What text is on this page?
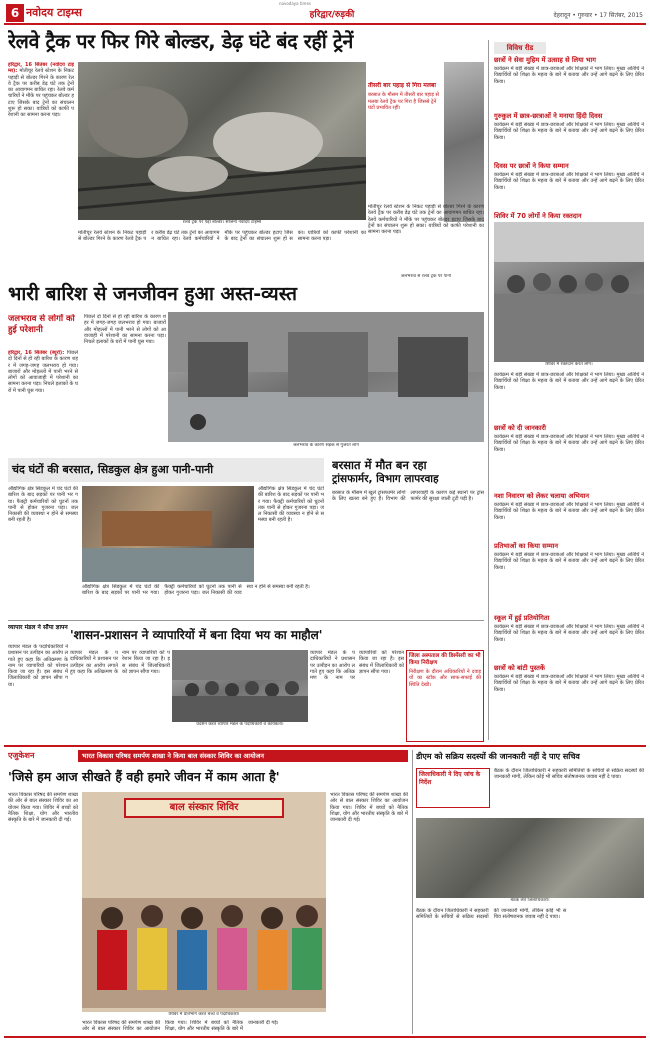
6 नवोदय टाइम्स
navodaya times
हरिद्वार/रुड़की	देहरादून • गुरुवार • 17 सितंबर, 2015
रेलवे ट्रैक पर फिर गिरे बोल्डर, डेढ़ घंटे बंद रहीं ट्रेनें
हरिद्वार, 16 सितंबर (नवोदय टाइम्स): मोतीचूर रेलवे स्टेशन के निकट पहाड़ी से बोल्डर गिरने के कारण रेलवे ट्रैक पर करीब डेढ़ घंटे तक ट्रेनों का आवागमन बाधित रहा। रेलवे कर्मचारियों ने मौके पर पहुंचकर बोल्डर हटाए जिसके बाद ट्रेनों का संचालन शुरू हो सका। यात्रियों को काफी परेशानी का सामना करना पड़ा।
रेलवे ट्रैक पर पड़ा बोल्डर। सौजन्य नवोदय टाइम्स
तीसरी बार पहाड़ से गिरा मलबा
बरसात के मौसम में तीसरी बार पहाड़ से मलबा रेलवे ट्रैक पर गिरा है जिससे ट्रेनें घंटों प्रभावित रहीं।
मोतीचूर रेलवे स्टेशन के निकट पहाड़ी से बोल्डर गिरने के कारण रेलवे ट्रैक पर करीब डेढ़ घंटे तक ट्रेनों का आवागमन बाधित रहा। रेलवे कर्मचारियों ने मौके पर पहुंचकर बोल्डर हटाए जिसके बाद ट्रेनों का संचालन शुरू हो सका। यात्रियों को काफी परेशानी का सामना करना पड़ा।
मोतीचूर रेलवे स्टेशन के निकट पहाड़ी से बोल्डर गिरने के कारण रेलवे ट्रैक पर करीब डेढ़ घंटे तक ट्रेनों का आवागमन बाधित रहा। रेलवे कर्मचारियों ने मौके पर पहुंचकर बोल्डर हटाए जिसके बाद ट्रेनों का संचालन शुरू हो सका। यात्रियों को काफी परेशानी का सामना करना पड़ा।
जलभराव से रेलवे ट्रैक पर पानी
भारी बारिश से जनजीवन हुआ अस्त-व्यस्त
जलभराव से लोगों को हुई परेशानी
हरिद्वार, 16 सितंबर (ब्यूरो): पिछले दो दिनों से हो रही बारिश के कारण शहर में जगह-जगह जलभराव हो गया। बाजारों और मोहल्लों में पानी भरने से लोगों को आवाजाही में परेशानी का सामना करना पड़ा। निचले इलाकों के घरों में पानी घुस गया।
पिछले दो दिनों से हो रही बारिश के कारण शहर में जगह-जगह जलभराव हो गया। बाजारों और मोहल्लों में पानी भरने से लोगों को आवाजाही में परेशानी का सामना करना पड़ा। निचले इलाकों के घरों में पानी घुस गया।
जलभराव के कारण सड़क से गुजरते लोग
चंद घंटों की बरसात, सिडकुल क्षेत्र हुआ पानी-पानी
औद्योगिक क्षेत्र सिडकुल में चंद घंटों की बारिश के बाद सड़कों पर पानी भर गया। फैक्ट्री कर्मचारियों को घुटनों तक पानी से होकर गुजरना पड़ा। जल निकासी की व्यवस्था न होने से समस्या बनी रहती है।
औद्योगिक क्षेत्र सिडकुल में चंद घंटों की बारिश के बाद सड़कों पर पानी भर गया। फैक्ट्री कर्मचारियों को घुटनों तक पानी से होकर गुजरना पड़ा। जल निकासी की व्यवस्था न होने से समस्या बनी रहती है।
औद्योगिक क्षेत्र सिडकुल में चंद घंटों की बारिश के बाद सड़कों पर पानी भर गया। फैक्ट्री कर्मचारियों को घुटनों तक पानी से होकर गुजरना पड़ा। जल निकासी की व्यवस्था न होने से समस्या बनी रहती है।
बरसात में मौत बन रहा
ट्रांसफार्मर, विभाग लापरवाह
बरसात के मौसम में खुले ट्रांसफार्मर लोगों के लिए खतरा बने हुए हैं। विभाग की लापरवाही के कारण कई स्थानों पर ट्रांसफार्मर की सुरक्षा जाली टूटी पड़ी है।
व्यापार मंडल ने सौंपा ज्ञापन
व्यापार मंडल के पदाधिकारियों ने प्रशासन पर उत्पीड़न का आरोप लगाते हुए कहा कि अतिक्रमण के नाम पर व्यापारियों को परेशान किया जा रहा है। इस संबंध में जिलाधिकारी को ज्ञापन सौंपा गया।
'शासन-प्रशासन ने व्यापारियों में बना दिया भय का माहौल'
व्यापार मंडल के पदाधिकारियों ने प्रशासन पर उत्पीड़न का आरोप लगाते हुए कहा कि अतिक्रमण के नाम पर व्यापारियों को परेशान किया जा रहा है। इस संबंध में जिलाधिकारी को ज्ञापन सौंपा गया।
प्रदर्शन करते व्यापार मंडल के पदाधिकारी व कार्यकर्ता।
व्यापार मंडल के पदाधिकारियों ने प्रशासन पर उत्पीड़न का आरोप लगाते हुए कहा कि अतिक्रमण के नाम पर व्यापारियों को परेशान किया जा रहा है। इस संबंध में जिलाधिकारी को ज्ञापन सौंपा गया।
जिला अस्पताल की डिस्पेंसरी का भी किया निरीक्षण
निरीक्षण के दौरान अधिकारियों ने दवाइयों का स्टॉक और साफ-सफाई की स्थिति देखी।
विविध रीड
छात्रों ने सेवा मुहिम में उत्साह से लिया भाग
कार्यक्रम में बड़ी संख्या में छात्र-छात्राओं और शिक्षकों ने भाग लिया। मुख्य अतिथि ने विद्यार्थियों को शिक्षा के महत्व के बारे में बताया और उन्हें आगे बढ़ने के लिए प्रेरित किया।
गुरुकुल में छात्र-छात्राओं ने मनाया हिंदी दिवस
कार्यक्रम में बड़ी संख्या में छात्र-छात्राओं और शिक्षकों ने भाग लिया। मुख्य अतिथि ने विद्यार्थियों को शिक्षा के महत्व के बारे में बताया और उन्हें आगे बढ़ने के लिए प्रेरित किया।
दिवस पर छात्रों ने किया सम्मान
कार्यक्रम में बड़ी संख्या में छात्र-छात्राओं और शिक्षकों ने भाग लिया। मुख्य अतिथि ने विद्यार्थियों को शिक्षा के महत्व के बारे में बताया और उन्हें आगे बढ़ने के लिए प्रेरित किया।
शिविर में 70 लोगों ने किया रक्तदान
शिविर में रक्तदान करते लोग।
कार्यक्रम में बड़ी संख्या में छात्र-छात्राओं और शिक्षकों ने भाग लिया। मुख्य अतिथि ने विद्यार्थियों को शिक्षा के महत्व के बारे में बताया और उन्हें आगे बढ़ने के लिए प्रेरित किया।
छात्रों को दी जानकारी
कार्यक्रम में बड़ी संख्या में छात्र-छात्राओं और शिक्षकों ने भाग लिया। मुख्य अतिथि ने विद्यार्थियों को शिक्षा के महत्व के बारे में बताया और उन्हें आगे बढ़ने के लिए प्रेरित किया।
नशा निवारण को लेकर चलाया अभियान
कार्यक्रम में बड़ी संख्या में छात्र-छात्राओं और शिक्षकों ने भाग लिया। मुख्य अतिथि ने विद्यार्थियों को शिक्षा के महत्व के बारे में बताया और उन्हें आगे बढ़ने के लिए प्रेरित किया।
प्रतिभाओं का किया सम्मान
कार्यक्रम में बड़ी संख्या में छात्र-छात्राओं और शिक्षकों ने भाग लिया। मुख्य अतिथि ने विद्यार्थियों को शिक्षा के महत्व के बारे में बताया और उन्हें आगे बढ़ने के लिए प्रेरित किया।
स्कूल में हुई प्रतियोगिता
कार्यक्रम में बड़ी संख्या में छात्र-छात्राओं और शिक्षकों ने भाग लिया। मुख्य अतिथि ने विद्यार्थियों को शिक्षा के महत्व के बारे में बताया और उन्हें आगे बढ़ने के लिए प्रेरित किया।
छात्रों को बांटी पुस्तकें
कार्यक्रम में बड़ी संख्या में छात्र-छात्राओं और शिक्षकों ने भाग लिया। मुख्य अतिथि ने विद्यार्थियों को शिक्षा के महत्व के बारे में बताया और उन्हें आगे बढ़ने के लिए प्रेरित किया।
एजुकेशन	भारत विकास परिषद समर्पण शाखा ने किया बाल संस्कार शिविर का आयोजन
'जिसे हम आज सीखते हैं वही हमारे जीवन में काम आता है'
भारत विकास परिषद की समर्पण शाखा की ओर से बाल संस्कार शिविर का आयोजन किया गया। शिविर में बच्चों को नैतिक शिक्षा, योग और भारतीय संस्कृति के बारे में जानकारी दी गई।
बाल संस्कार शिविर
शिविर में प्रतिभाग करते बच्चे व पदाधिकारी।
भारत विकास परिषद की समर्पण शाखा की ओर से बाल संस्कार शिविर का आयोजन किया गया। शिविर में बच्चों को नैतिक शिक्षा, योग और भारतीय संस्कृति के बारे में जानकारी दी गई।
भारत विकास परिषद की समर्पण शाखा की ओर से बाल संस्कार शिविर का आयोजन किया गया। शिविर में बच्चों को नैतिक शिक्षा, योग और भारतीय संस्कृति के बारे में जानकारी दी गई।
डीएम को सक्रिय सदस्यों की जानकारी नहीं दे पाए सचिव
जिलाधिकारी ने दिए जांच के निर्देश
बैठक के दौरान जिलाधिकारी ने सहकारी समितियों के सचिवों से सक्रिय सदस्यों की जानकारी मांगी, लेकिन कोई भी सचिव संतोषजनक जवाब नहीं दे पाया।
बैठक लेते जिलाधिकारी।
बैठक के दौरान जिलाधिकारी ने सहकारी समितियों के सचिवों से सक्रिय सदस्यों की जानकारी मांगी, लेकिन कोई भी सचिव संतोषजनक जवाब नहीं दे पाया।
